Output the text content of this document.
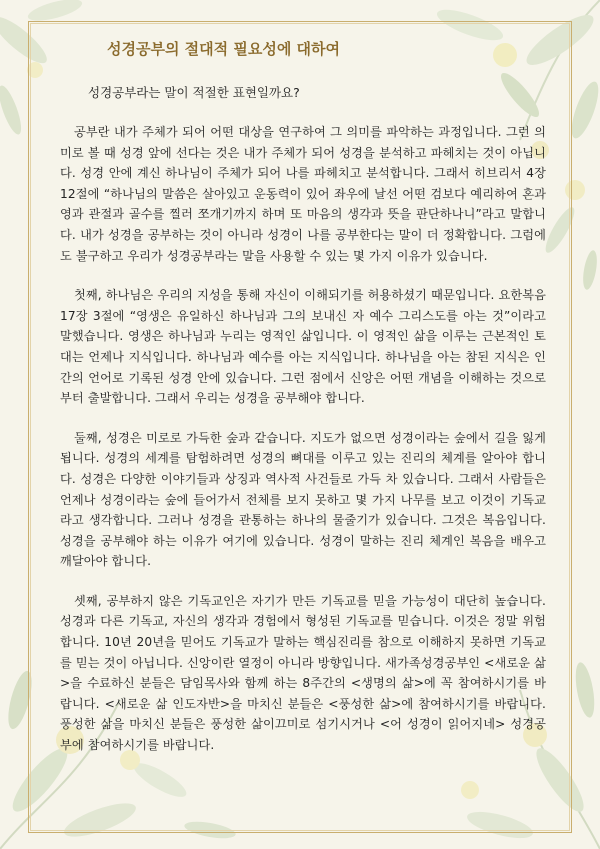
성경공부의 절대적 필요성에 대하여

성경공부라는 말이 적절한 표현일까요?

공부란 내가 주체가 되어 어떤 대상을 연구하여 그 의미를 파악하는 과정입니다. 그런 의미로 볼 때 성경 앞에 선다는 것은 내가 주체가 되어 성경을 분석하고 파헤치는 것이 아닙니다. 성경 안에 계신 하나님이 주체가 되어 나를 파헤치고 분석합니다. 그래서 히브리서 4장 12절에 “하나님의 말씀은 살아있고 운동력이 있어 좌우에 날선 어떤 검보다 예리하여 혼과 영과 관절과 골수를 찔러 쪼개기까지 하며 또 마음의 생각과 뜻을 판단하나니”라고 말합니다. 내가 성경을 공부하는 것이 아니라 성경이 나를 공부한다는 말이 더 정확합니다. 그럼에도 불구하고 우리가 성경공부라는 말을 사용할 수 있는 몇 가지 이유가 있습니다.

첫째, 하나님은 우리의 지성을 통해 자신이 이해되기를 허용하셨기 때문입니다. 요한복음 17장 3절에 “영생은 유일하신 하나님과 그의 보내신 자 예수 그리스도를 아는 것”이라고 말했습니다. 영생은 하나님과 누리는 영적인 삶입니다. 이 영적인 삶을 이루는 근본적인 토대는 언제나 지식입니다. 하나님과 예수를 아는 지식입니다. 하나님을 아는 참된 지식은 인간의 언어로 기록된 성경 안에 있습니다. 그런 점에서 신앙은 어떤 개념을 이해하는 것으로부터 출발합니다. 그래서 우리는 성경을 공부해야 합니다.

둘째, 성경은 미로로 가득한 숲과 같습니다. 지도가 없으면 성경이라는 숲에서 길을 잃게 됩니다. 성경의 세계를 탐험하려면 성경의 뼈대를 이루고 있는 진리의 체계를 알아야 합니다. 성경은 다양한 이야기들과 상징과 역사적 사건들로 가득 차 있습니다. 그래서 사람들은 언제나 성경이라는 숲에 들어가서 전체를 보지 못하고 몇 가지 나무를 보고 이것이 기독교라고 생각합니다. 그러나 성경을 관통하는 하나의 물줄기가 있습니다. 그것은 복음입니다. 성경을 공부해야 하는 이유가 여기에 있습니다. 성경이 말하는 진리 체계인 복음을 배우고 깨달아야 합니다.

셋째, 공부하지 않은 기독교인은 자기가 만든 기독교를 믿을 가능성이 대단히 높습니다. 성경과 다른 기독교, 자신의 생각과 경험에서 형성된 기독교를 믿습니다. 이것은 정말 위험합니다. 10년 20년을 믿어도 기독교가 말하는 핵심진리를 참으로 이해하지 못하면 기독교를 믿는 것이 아닙니다. 신앙이란 열정이 아니라 방향입니다. 새가족성경공부인 <새로운 삶>을 수료하신 분들은 담임목사와 함께 하는 8주간의 <생명의 삶>에 꼭 참여하시기를 바랍니다. <새로운 삶 인도자반>을 마치신 분들은 <풍성한 삶>에 참여하시기를 바랍니다. 풍성한 삶을 마치신 분들은 풍성한 삶이끄미로 섬기시거나 <어 성경이 읽어지네> 성경공부에 참여하시기를 바랍니다.
